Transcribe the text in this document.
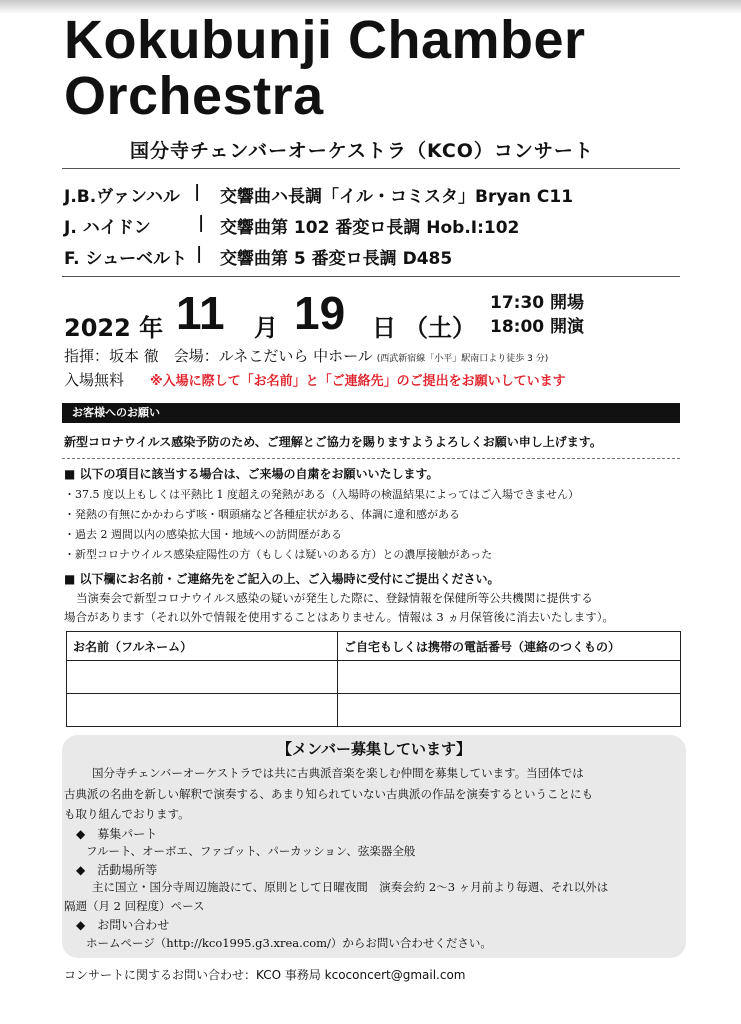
Kokubunji Chamber
Orchestra
国分寺チェンバーオーケストラ（KCO）コンサート
J.B.ヴァンハル | 交響曲ハ長調「イル・コミスタ」Bryan C11
J. ハイドン	| 交響曲第 102 番変ロ長調 Hob.I:102
F. シューベルト | 交響曲第 5 番変ロ長調 D485
2022 年 11 月 19 日 （土）
17:30 開場
18:00 開演
指揮：坂本 徹　会場：ルネこだいら 中ホール (西武新宿線「小平」駅南口より徒歩 3 分)
入場無料 ※入場に際して「お名前」と「ご連絡先」のご提出をお願いしています
お客様へのお願い
新型コロナウイルス感染予防のため、ご理解とご協力を賜りますようよろしくお願い申し上げます。
■ 以下の項目に該当する場合は、ご来場の自粛をお願いいたします。
・37.5 度以上もしくは平熱比 1 度超えの発熱がある（入場時の検温結果によってはご入場できません）
・発熱の有無にかかわらず咳・咽頭痛など各種症状がある、体調に違和感がある
・過去 2 週間以内の感染拡大国・地域への訪問歴がある
・新型コロナウイルス感染症陽性の方（もしくは疑いのある方）との濃厚接触があった
■ 以下欄にお名前・ご連絡先をご記入の上、ご入場時に受付にご提出ください。
当演奏会で新型コロナウイルス感染の疑いが発生した際に、登録情報を保健所等公共機関に提供する
場合があります（それ以外で情報を使用することはありません。情報は 3 ヵ月保管後に消去いたします）。
お名前（フルネーム）	ご自宅もしくは携帯の電話番号（連絡のつくもの）

【メンバー募集しています】
国分寺チェンバーオーケストラでは共に古典派音楽を楽しむ仲間を募集しています。当団体では
古典派の名曲を新しい解釈で演奏する、あまり知られていない古典派の作品を演奏するということにも
も取り組んでおります。
◆　募集パート
フルート、オーボエ、ファゴット、パーカッション、弦楽器全般
◆　活動場所等
主に国立・国分寺周辺施設にて、原則として日曜夜間　演奏会約 2～3 ヶ月前より毎週、それ以外は
隔週（月 2 回程度）ペース
◆　お問い合わせ
ホームページ（http://kco1995.g3.xrea.com/）からお問い合わせください。
コンサートに関するお問い合わせ：KCO 事務局 kcoconcert@gmail.com
